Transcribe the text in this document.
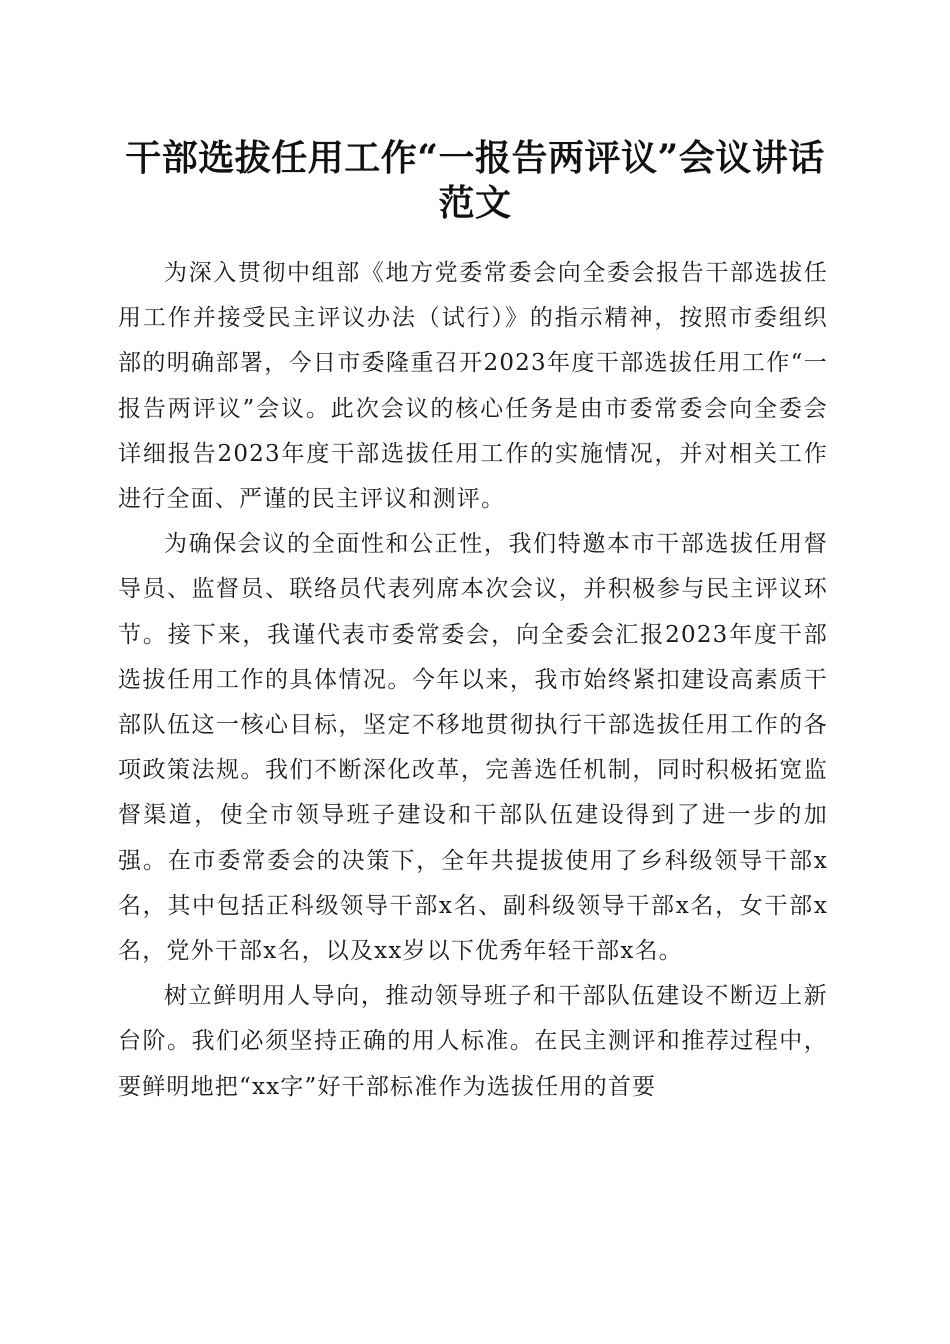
干部选拔任用工作“一报告两评议”会议讲话
范文

为深入贯彻中组部《地方党委常委会向全委会报告干部选拔任用工作并接受民主评议办法（试行）》的指示精神，按照市委组织部的明确部署，今日市委隆重召开2023年度干部选拔任用工作“一报告两评议”会议。此次会议的核心任务是由市委常委会向全委会详细报告2023年度干部选拔任用工作的实施情况，并对相关工作进行全面、严谨的民主评议和测评。

为确保会议的全面性和公正性，我们特邀本市干部选拔任用督导员、监督员、联络员代表列席本次会议，并积极参与民主评议环节。接下来，我谨代表市委常委会，向全委会汇报2023年度干部选拔任用工作的具体情况。今年以来，我市始终紧扣建设高素质干部队伍这一核心目标，坚定不移地贯彻执行干部选拔任用工作的各项政策法规。我们不断深化改革，完善选任机制，同时积极拓宽监督渠道，使全市领导班子建设和干部队伍建设得到了进一步的加强。在市委常委会的决策下，全年共提拔使用了乡科级领导干部x名，其中包括正科级领导干部x名、副科级领导干部x名，女干部x名，党外干部x名，以及xx岁以下优秀年轻干部x名。

树立鲜明用人导向，推动领导班子和干部队伍建设不断迈上新台阶。我们必须坚持正确的用人标准。在民主测评和推荐过程中，要鲜明地把“xx字”好干部标准作为选拔任用的首要
